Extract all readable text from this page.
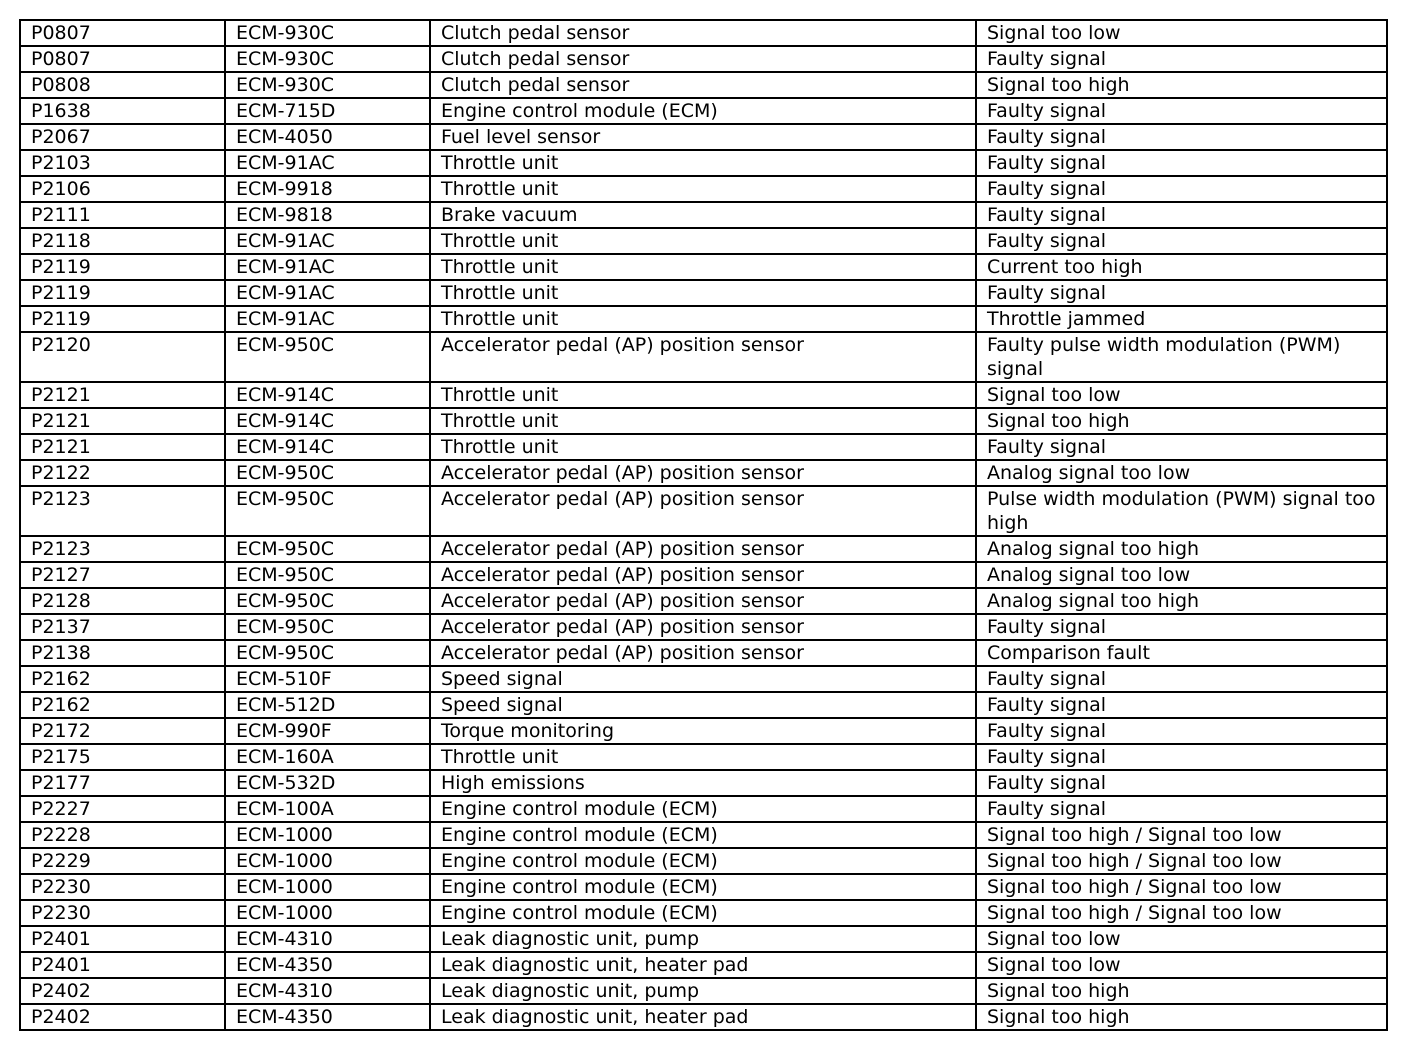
P0807	ECM-930C	Clutch pedal sensor	Signal too low
P0807	ECM-930C	Clutch pedal sensor	Faulty signal
P0808	ECM-930C	Clutch pedal sensor	Signal too high
P1638	ECM-715D	Engine control module (ECM)	Faulty signal
P2067	ECM-4050	Fuel level sensor	Faulty signal
P2103	ECM-91AC	Throttle unit	Faulty signal
P2106	ECM-9918	Throttle unit	Faulty signal
P2111	ECM-9818	Brake vacuum	Faulty signal
P2118	ECM-91AC	Throttle unit	Faulty signal
P2119	ECM-91AC	Throttle unit	Current too high
P2119	ECM-91AC	Throttle unit	Faulty signal
P2119	ECM-91AC	Throttle unit	Throttle jammed
P2120	ECM-950C	Accelerator pedal (AP) position sensor	Faulty pulse width modulation (PWM) signal
P2121	ECM-914C	Throttle unit	Signal too low
P2121	ECM-914C	Throttle unit	Signal too high
P2121	ECM-914C	Throttle unit	Faulty signal
P2122	ECM-950C	Accelerator pedal (AP) position sensor	Analog signal too low
P2123	ECM-950C	Accelerator pedal (AP) position sensor	Pulse width modulation (PWM) signal too high
P2123	ECM-950C	Accelerator pedal (AP) position sensor	Analog signal too high
P2127	ECM-950C	Accelerator pedal (AP) position sensor	Analog signal too low
P2128	ECM-950C	Accelerator pedal (AP) position sensor	Analog signal too high
P2137	ECM-950C	Accelerator pedal (AP) position sensor	Faulty signal
P2138	ECM-950C	Accelerator pedal (AP) position sensor	Comparison fault
P2162	ECM-510F	Speed signal	Faulty signal
P2162	ECM-512D	Speed signal	Faulty signal
P2172	ECM-990F	Torque monitoring	Faulty signal
P2175	ECM-160A	Throttle unit	Faulty signal
P2177	ECM-532D	High emissions	Faulty signal
P2227	ECM-100A	Engine control module (ECM)	Faulty signal
P2228	ECM-1000	Engine control module (ECM)	Signal too high / Signal too low
P2229	ECM-1000	Engine control module (ECM)	Signal too high / Signal too low
P2230	ECM-1000	Engine control module (ECM)	Signal too high / Signal too low
P2230	ECM-1000	Engine control module (ECM)	Signal too high / Signal too low
P2401	ECM-4310	Leak diagnostic unit, pump	Signal too low
P2401	ECM-4350	Leak diagnostic unit, heater pad	Signal too low
P2402	ECM-4310	Leak diagnostic unit, pump	Signal too high
P2402	ECM-4350	Leak diagnostic unit, heater pad	Signal too high
